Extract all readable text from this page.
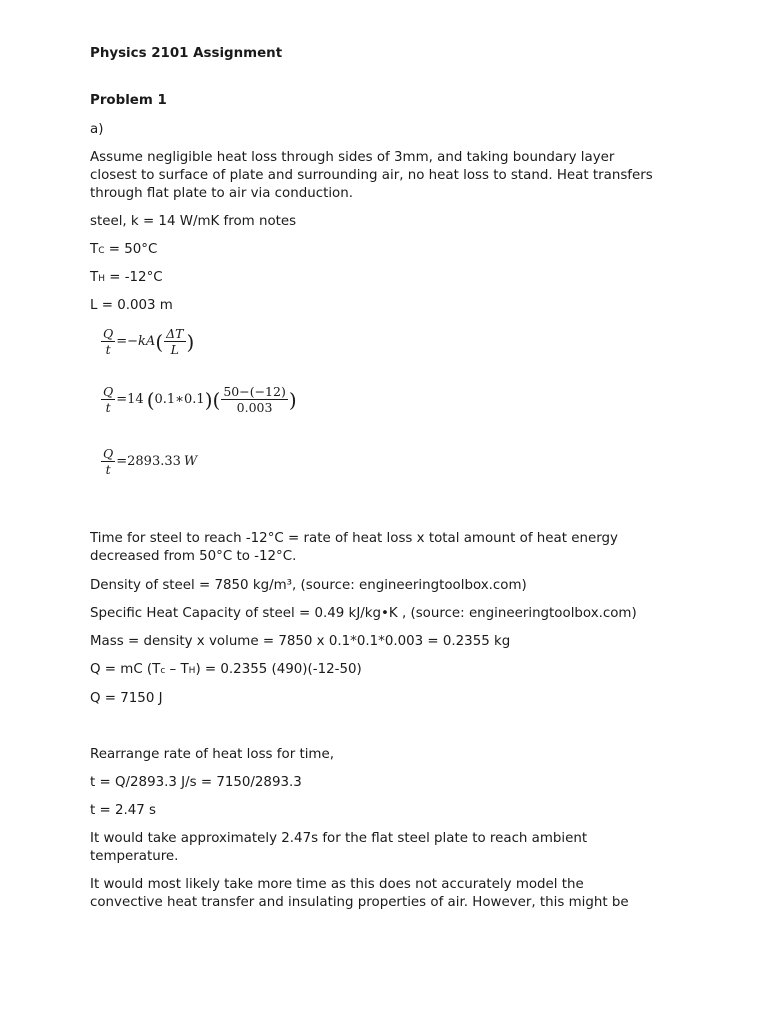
Physics 2101 Assignment
Problem 1
a)
Assume negligible heat loss through sides of 3mm, and taking boundary layer
closest to surface of plate and surrounding air, no heat loss to stand. Heat transfers
through flat plate to air via conduction.
steel, k = 14 W/mK from notes
TC = 50°C
TH = -12°C
L = 0.003 m
$\frac{Q}{t} =-kA$ ( $\frac{\Delta T}{L}$ )
$\frac{Q}{t} =14$ ( 0.1∗0.1 ) ( $\frac{50-(-12)}{0.003}$ )
$\frac{Q}{t} =2893.33$ W
Time for steel to reach -12°C = rate of heat loss x total amount of heat energy
decreased from 50°C to -12°C.
Density of steel = 7850 kg/m³, (source: engineeringtoolbox.com)
Specific Heat Capacity of steel = 0.49 kJ/kg•K , (source: engineeringtoolbox.com)
Mass = density x volume = 7850 x 0.1*0.1*0.003 = 0.2355 kg
Q = mC (Tc – TH) = 0.2355 (490)(-12-50)
Q = 7150 J
Rearrange rate of heat loss for time,
t = Q/2893.3 J/s = 7150/2893.3
t = 2.47 s
It would take approximately 2.47s for the flat steel plate to reach ambient
temperature.
It would most likely take more time as this does not accurately model the
convective heat transfer and insulating properties of air. However, this might be
